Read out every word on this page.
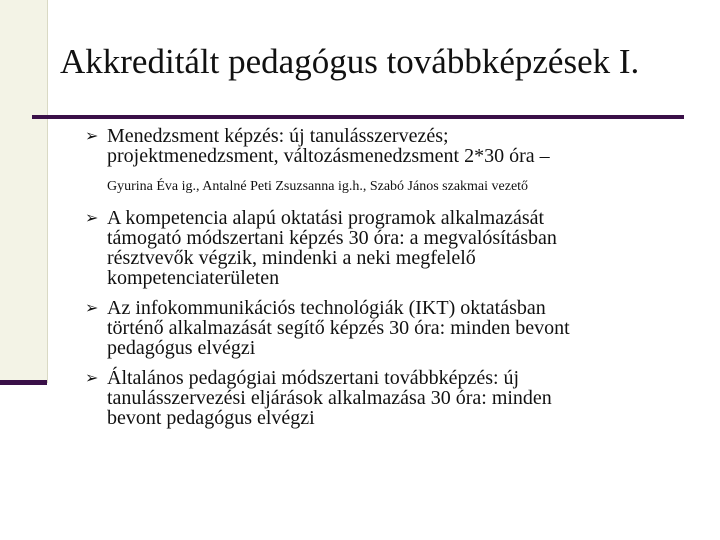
Akkreditált pedagógus továbbképzések I.
➢ Menedzsment képzés: új tanulásszervezés;
projektmenedzsment, változásmenedzsment 2*30 óra –
Gyurina Éva ig., Antalné Peti Zsuzsanna ig.h., Szabó János szakmai vezető
➢ A kompetencia alapú oktatási programok alkalmazását
támogató módszertani képzés 30 óra: a megvalósításban
résztvevők végzik, mindenki a neki megfelelő
kompetenciaterületen
➢ Az infokommunikációs technológiák (IKT) oktatásban
történő alkalmazását segítő képzés 30 óra: minden bevont
pedagógus elvégzi
➢ Általános pedagógiai módszertani továbbképzés: új
tanulásszervezési eljárások alkalmazása 30 óra: minden
bevont pedagógus elvégzi
